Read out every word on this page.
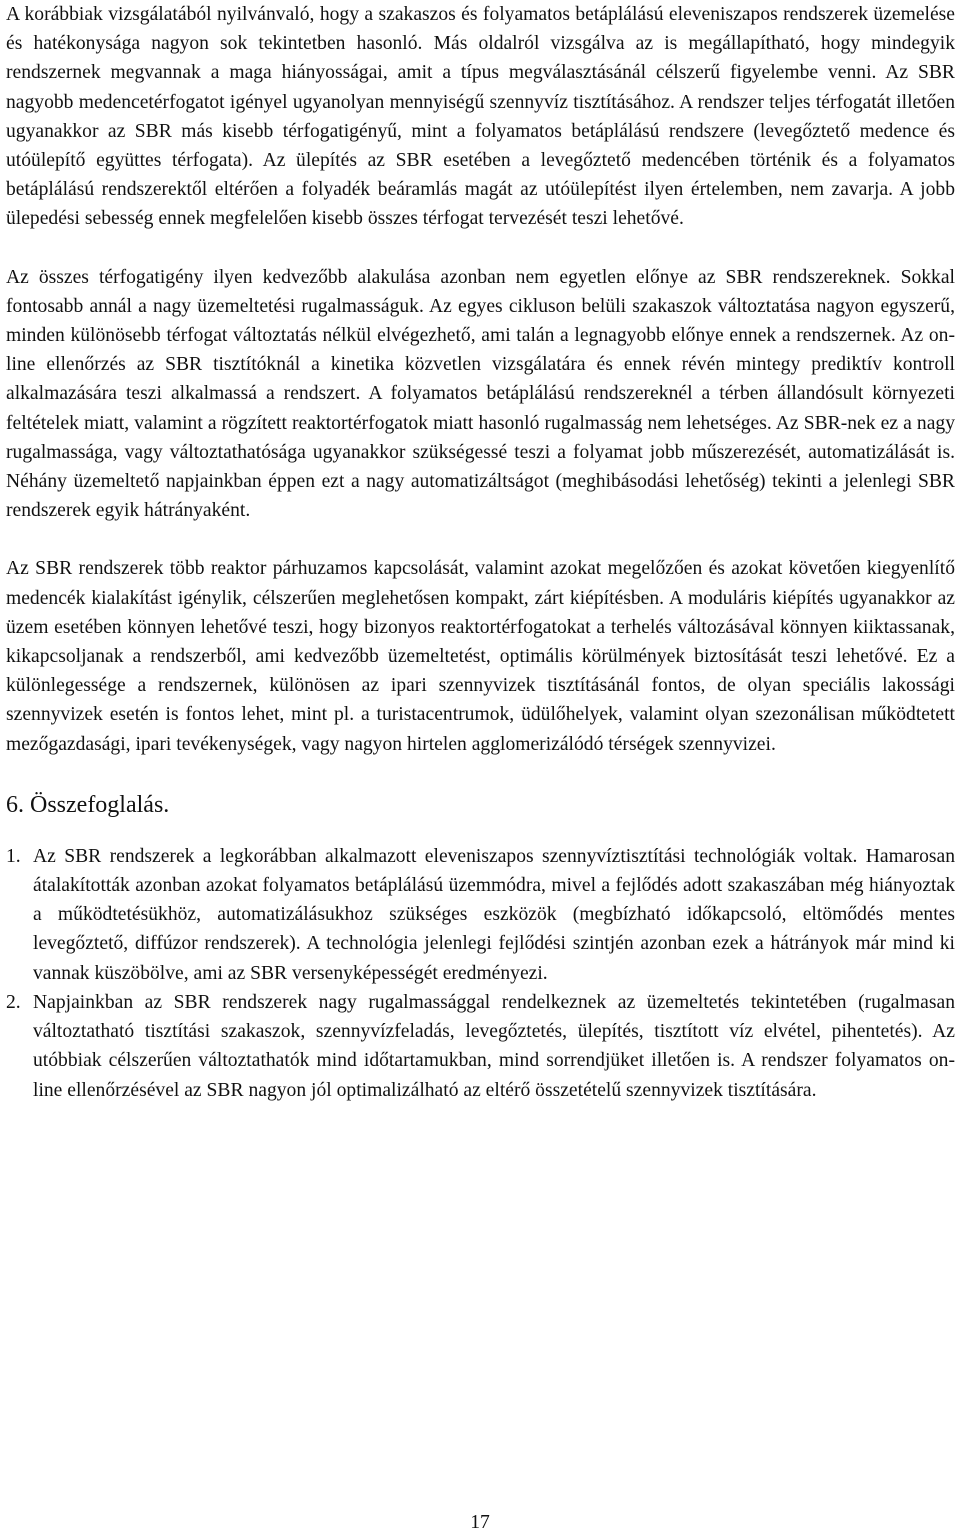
A korábbiak vizsgálatából nyilvánvaló, hogy a szakaszos és folyamatos betáplálású eleveniszapos rendszerek üzemelése és hatékonysága nagyon sok tekintetben hasonló. Más oldalról vizsgálva az is megállapítható, hogy mindegyik rendszernek megvannak a maga hiányosságai, amit a típus megválasztásánál célszerű figyelembe venni. Az SBR nagyobb medencetérfogatot igényel ugyanolyan mennyiségű szennyvíz tisztításához. A rendszer teljes térfogatát illetően ugyanakkor az SBR más kisebb térfogatigényű, mint a folyamatos betáplálású rendszere (levegőztető medence és utóülepítő együttes térfogata). Az ülepítés az SBR esetében a levegőztető medencében történik és a folyamatos betáplálású rendszerektől eltérően a folyadék beáramlás magát az utóülepítést ilyen értelemben, nem zavarja. A jobb ülepedési sebesség ennek megfelelően kisebb összes térfogat tervezését teszi lehetővé.

Az összes térfogatigény ilyen kedvezőbb alakulása azonban nem egyetlen előnye az SBR rendszereknek. Sokkal fontosabb annál a nagy üzemeltetési rugalmasságuk. Az egyes cikluson belüli szakaszok változtatása nagyon egyszerű, minden különösebb térfogat változtatás nélkül elvégezhető, ami talán a legnagyobb előnye ennek a rendszernek. Az on-line ellenőrzés az SBR tisztítóknál a kinetika közvetlen vizsgálatára és ennek révén mintegy prediktív kontroll alkalmazására teszi alkalmassá a rendszert. A folyamatos betáplálású rendszereknél a térben állandósult környezeti feltételek miatt, valamint a rögzített reaktortérfogatok miatt hasonló rugalmasság nem lehetséges. Az SBR-nek ez a nagy rugalmassága, vagy változtathatósága ugyanakkor szükségessé teszi a folyamat jobb műszerezését, automatizálását is. Néhány üzemeltető napjainkban éppen ezt a nagy automatizáltságot (meghibásodási lehetőség) tekinti a jelenlegi SBR rendszerek egyik hátrányaként.

Az SBR rendszerek több reaktor párhuzamos kapcsolását, valamint azokat megelőzően és azokat követően kiegyenlítő medencék kialakítást igénylik, célszerűen meglehetősen kompakt, zárt kiépítésben. A moduláris kiépítés ugyanakkor az üzem esetében könnyen lehetővé teszi, hogy bizonyos reaktortérfogatokat a terhelés változásával könnyen kiiktassanak, kikapcsoljanak a rendszerből, ami kedvezőbb üzemeltetést, optimális körülmények biztosítását teszi lehetővé. Ez a különlegessége a rendszernek, különösen az ipari szennyvizek tisztításánál fontos, de olyan speciális lakossági szennyvizek esetén is fontos lehet, mint pl. a turistacentrumok, üdülőhelyek, valamint olyan szezonálisan működtetett mezőgazdasági, ipari tevékenységek, vagy nagyon hirtelen agglomerizálódó térségek szennyvizei.

6. Összefoglalás.
1. Az SBR rendszerek a legkorábban alkalmazott eleveniszapos szennyvíztisztítási technológiák voltak. Hamarosan átalakították azonban azokat folyamatos betáplálású üzemmódra, mivel a fejlődés adott szakaszában még hiányoztak a működtetésükhöz, automatizálásukhoz szükséges eszközök (megbízható időkapcsoló, eltömődés mentes levegőztető, diffúzor rendszerek). A technológia jelenlegi fejlődési szintjén azonban ezek a hátrányok már mind ki vannak küszöbölve, ami az SBR versenyképességét eredményezi.
2. Napjainkban az SBR rendszerek nagy rugalmassággal rendelkeznek az üzemeltetés tekintetében (rugalmasan változtatható tisztítási szakaszok, szennyvízfeladás, levegőztetés, ülepítés, tisztított víz elvétel, pihentetés). Az utóbbiak célszerűen változtathatók mind időtartamukban, mind sorrendjüket illetően is. A rendszer folyamatos on-line ellenőrzésével az SBR nagyon jól optimalizálható az eltérő összetételű szennyvizek tisztítására.
17
